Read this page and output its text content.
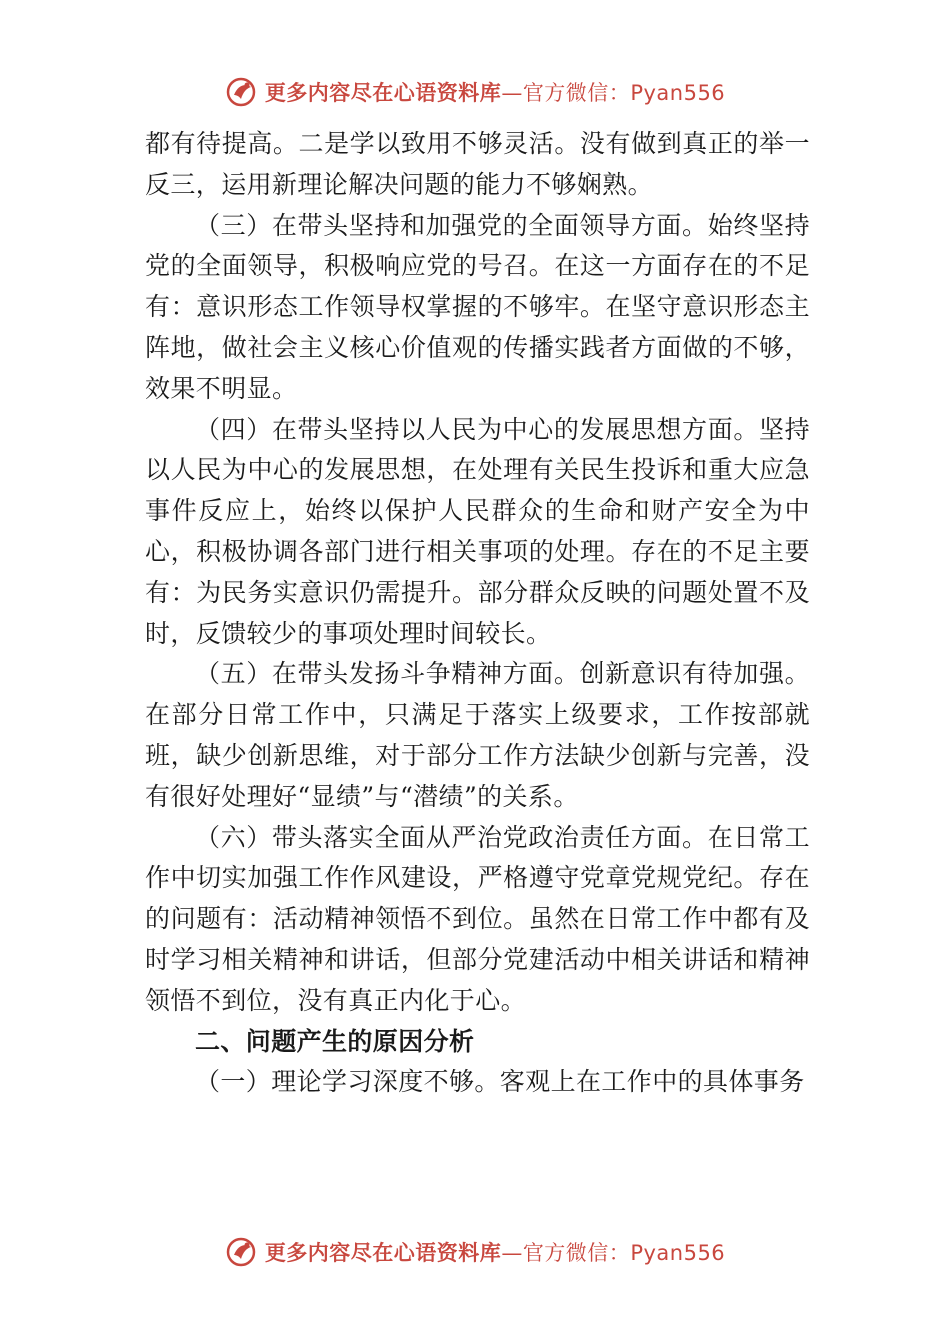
更多内容尽在心语资料库—官方微信：Pyan556

都有待提高。二是学以致用不够灵活。没有做到真正的举一反三，运用新理论解决问题的能力不够娴熟。

（三）在带头坚持和加强党的全面领导方面。始终坚持党的全面领导，积极响应党的号召。在这一方面存在的不足有：意识形态工作领导权掌握的不够牢。在坚守意识形态主阵地，做社会主义核心价值观的传播实践者方面做的不够，效果不明显。

（四）在带头坚持以人民为中心的发展思想方面。坚持以人民为中心的发展思想，在处理有关民生投诉和重大应急事件反应上，始终以保护人民群众的生命和财产安全为中心，积极协调各部门进行相关事项的处理。存在的不足主要有：为民务实意识仍需提升。部分群众反映的问题处置不及时，反馈较少的事项处理时间较长。

（五）在带头发扬斗争精神方面。创新意识有待加强。在部分日常工作中，只满足于落实上级要求，工作按部就班，缺少创新思维，对于部分工作方法缺少创新与完善，没有很好处理好“显绩”与“潜绩”的关系。

（六）带头落实全面从严治党政治责任方面。在日常工作中切实加强工作作风建设，严格遵守党章党规党纪。存在的问题有：活动精神领悟不到位。虽然在日常工作中都有及时学习相关精神和讲话，但部分党建活动中相关讲话和精神领悟不到位，没有真正内化于心。

二、问题产生的原因分析

（一）理论学习深度不够。客观上在工作中的具体事务

更多内容尽在心语资料库—官方微信：Pyan556
